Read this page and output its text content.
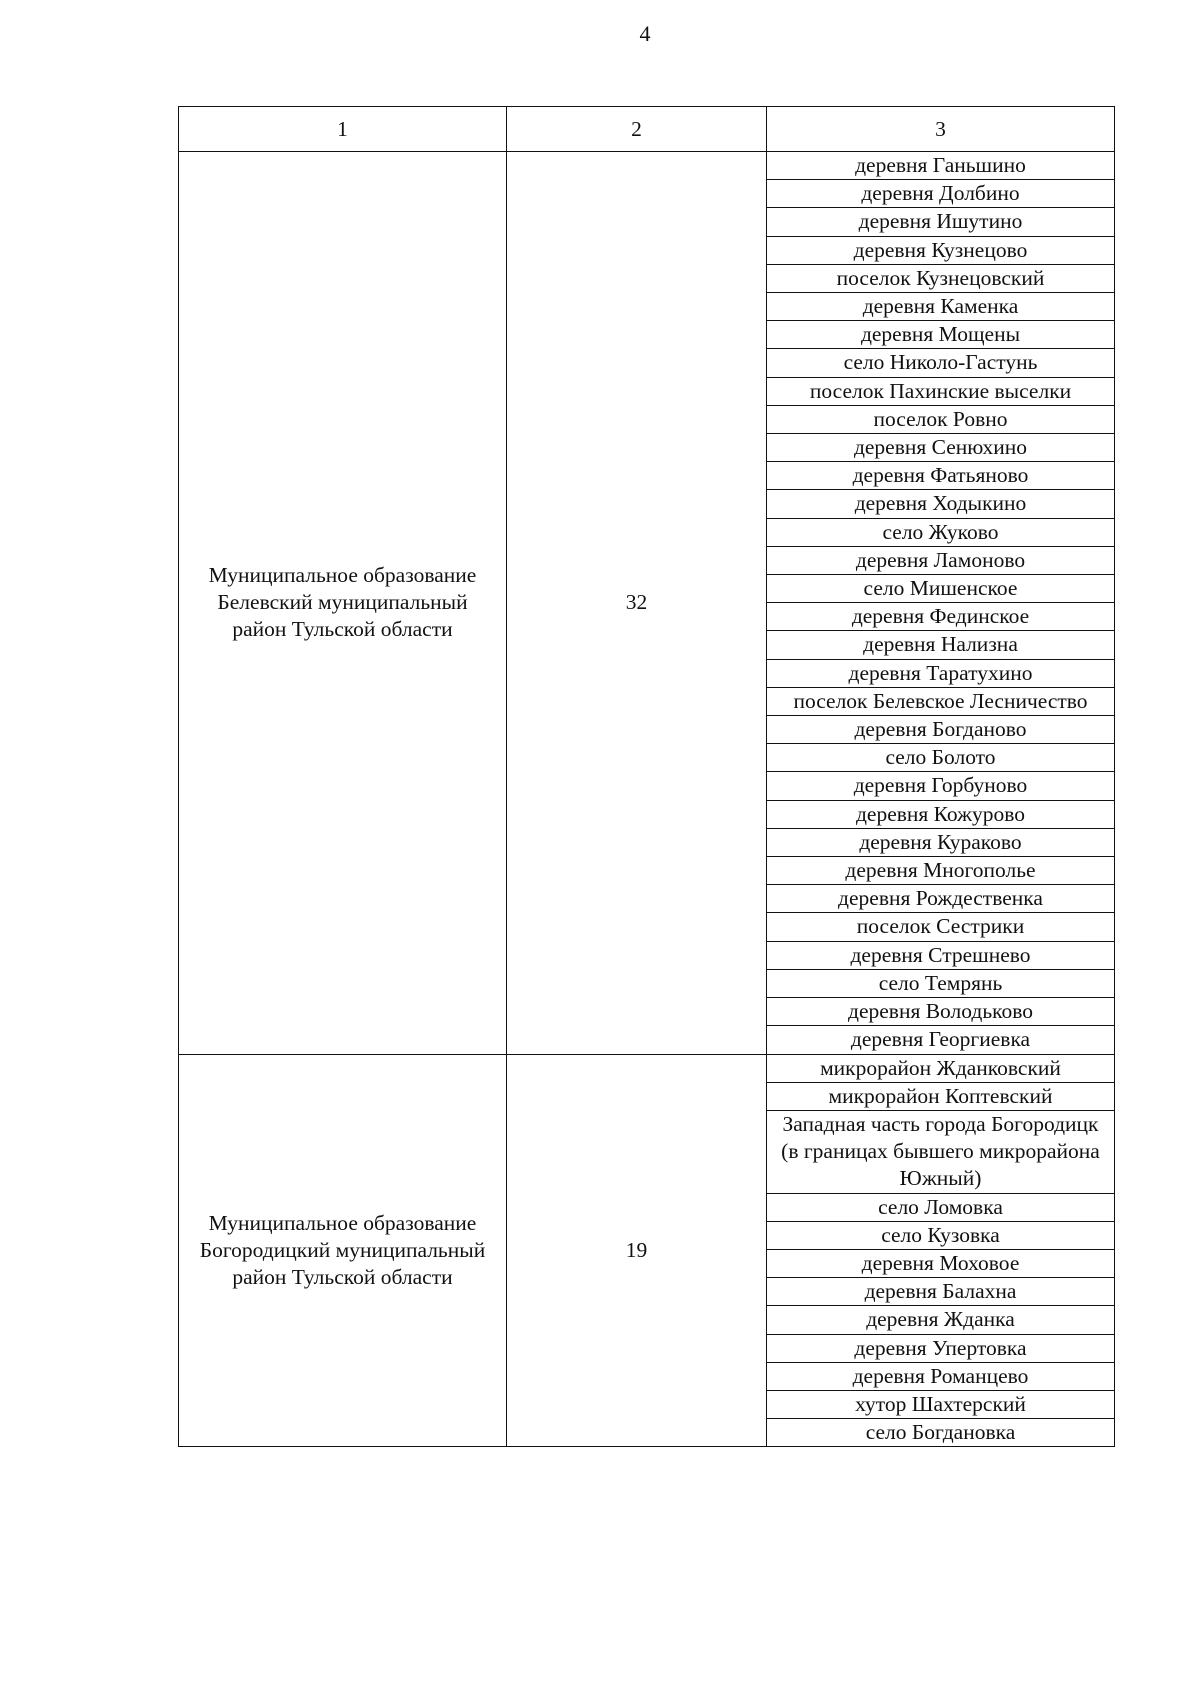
4
1	2	3
Муниципальное образование Белевский муниципальный район Тульской области	32	деревня Ганьшино

		деревня Долбино

		деревня Ишутино

		деревня Кузнецово

		поселок Кузнецовский

		деревня Каменка

		деревня Мощены

		село Николо-Гастунь

		поселок Пахинские выселки

		поселок Ровно

		деревня Сенюхино

		деревня Фатьяново

		деревня Ходыкино

		село Жуково

		деревня Ламоново

		село Мишенское

		деревня Фединское

		деревня Нализна

		деревня Таратухино

		поселок Белевское Лесничество

		деревня Богданово

		село Болото

		деревня Горбуново

		деревня Кожурово

		деревня Кураково

		деревня Многополье

		деревня Рождественка

		поселок Сестрики

		деревня Стрешнево

		село Темрянь

		деревня Володьково

		деревня Георгиевка

Муниципальное образование Богородицкий муниципальный район Тульской области	19	микрорайон Жданковский

		микрорайон Коптевский

		Западная часть города Богородицк (в границах бывшего микрорайона Южный)

		село Ломовка

		село Кузовка

		деревня Моховое

		деревня Балахна

		деревня Жданка

		деревня Упертовка

		деревня Романцево

		хутор Шахтерский

		село Богдановка
